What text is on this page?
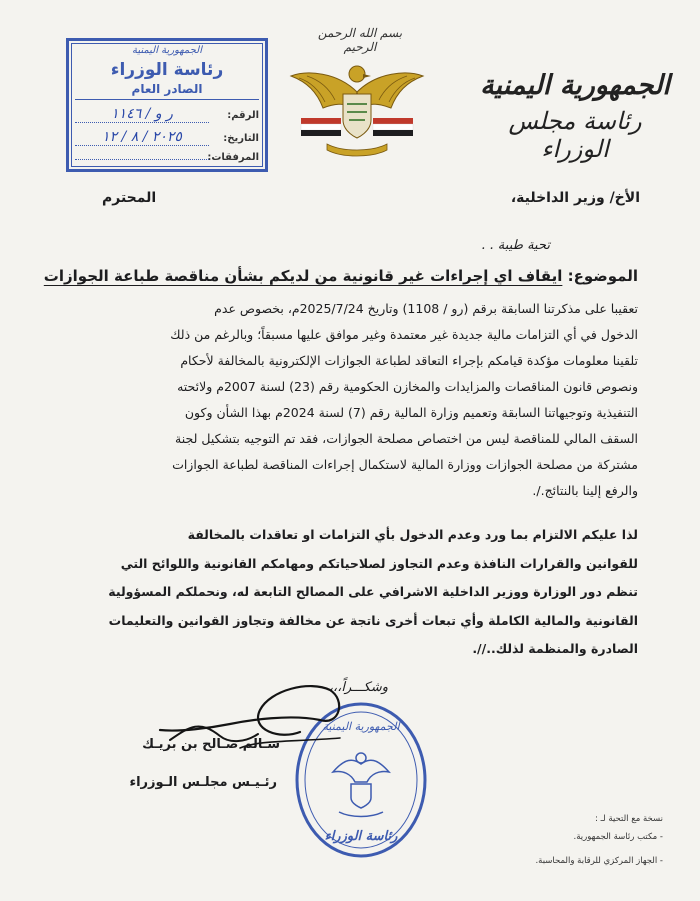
الجمهورية اليمنية
رئاسة مجلس الوزراء
بسم الله الرحمن الرحيم
الجمهورية اليمنية
رئاسة الوزراء
الصادر العام
الرقم:
ر و / ١١٤٦
التاريخ:
٢٠٢٥ / ٨ / ١٢
المرفقات:
الأخ/ وزير الداخلية،
المحترم
تحية طيبة . .
الموضوع: ايقاف اي إجراءات غير قانونية من لديكم بشأن مناقصة طباعة الجوازات
تعقيبا على مذكرتنا السابقة برقم (رو / 1108) وتاريخ 2025/7/24م، بخصوص عدم
الدخول في أي التزامات مالية جديدة غير معتمدة وغير موافق عليها مسبقاً؛ وبالرغم من ذلك
تلقينا معلومات مؤكدة قيامكم بإجراء التعاقد لطباعة الجوازات الإلكترونية بالمخالفة لأحكام
ونصوص قانون المناقصات والمزايدات والمخازن الحكومية رقم (23) لسنة 2007م ولائحته
التنفيذية وتوجيهاتنا السابقة وتعميم وزارة المالية رقم (7) لسنة 2024م بهذا الشأن وكون
السقف المالي للمناقصة ليس من اختصاص مصلحة الجوازات، فقد تم التوجيه بتشكيل لجنة
مشتركة من مصلحة الجوازات ووزارة المالية لاستكمال إجراءات المناقصة لطباعة الجوازات
والرفع إلينا بالنتائج./.
لذا عليكم الالتزام بما ورد وعدم الدخول بأي التزامات او تعاقدات بالمخالفة
للقوانين والقرارات النافذة وعدم التجاوز لصلاحياتكم ومهامكم القانونية واللوائح التي
تنظم دور الوزارة ووزير الداخلية الاشرافي على المصالح التابعة له، ونحملكم المسؤولية
القانونية والمالية الكاملة وأي تبعات أخرى ناتجة عن مخالفة وتجاوز القوانين والتعليمات
الصادرة والمنظمة لذلك..//.
وشكـــراً،،،
الجمهورية اليمنية
رئاسة الوزراء
سـالم صـالح بن بريـك
رئـيـس مجلـس الـوزراء
نسخة مع التحية لـ :
- مكتب رئاسة الجمهورية.
- الجهاز المركزي للرقابة والمحاسبة.
